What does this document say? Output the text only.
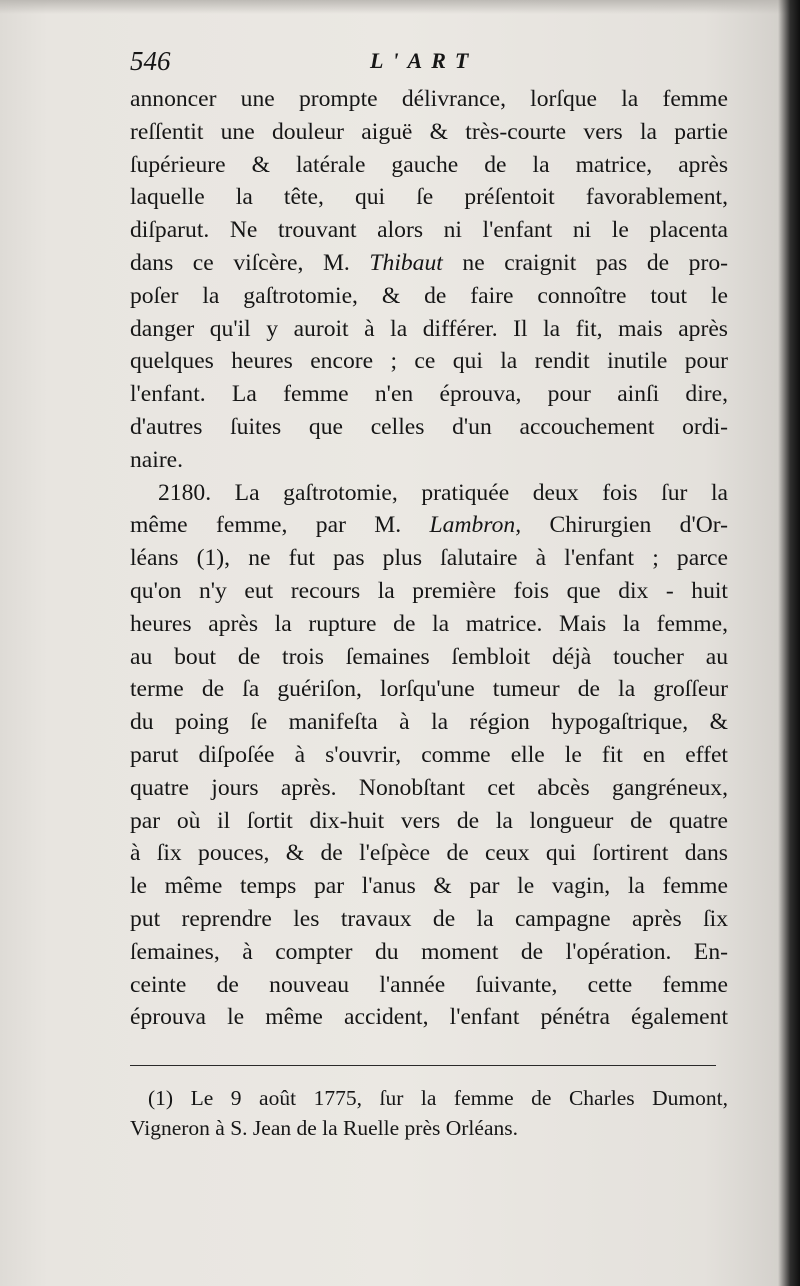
546	L'ART
annoncer une prompte délivrance, lorſque la femme
reſſentit une douleur aiguë & très-courte vers la partie
ſupérieure & latérale gauche de la matrice, après
laquelle la tête, qui ſe préſentoit favorablement,
diſparut. Ne trouvant alors ni l'enfant ni le placenta
dans ce viſcère, M. Thibaut ne craignit pas de pro-
poſer la gaſtrotomie, & de faire connoître tout le
danger qu'il y auroit à la différer. Il la fit, mais après
quelques heures encore ; ce qui la rendit inutile pour
l'enfant. La femme n'en éprouva, pour ainſi dire,
d'autres ſuites que celles d'un accouchement ordi-
naire.
2180. La gaſtrotomie, pratiquée deux fois ſur la
même femme, par M. Lambron, Chirurgien d'Or-
léans (1), ne fut pas plus ſalutaire à l'enfant ; parce
qu'on n'y eut recours la première fois que dix - huit
heures après la rupture de la matrice. Mais la femme,
au bout de trois ſemaines ſembloit déjà toucher au
terme de ſa guériſon, lorſqu'une tumeur de la groſſeur
du poing ſe manifeſta à la région hypogaſtrique, &
parut diſpoſée à s'ouvrir, comme elle le fit en effet
quatre jours après. Nonobſtant cet abcès gangréneux,
par où il ſortit dix-huit vers de la longueur de quatre
à ſix pouces, & de l'eſpèce de ceux qui ſortirent dans
le même temps par l'anus & par le vagin, la femme
put reprendre les travaux de la campagne après ſix
ſemaines, à compter du moment de l'opération. En-
ceinte de nouveau l'année ſuivante, cette femme
éprouva le même accident, l'enfant pénétra également
(1) Le 9 août 1775, ſur la femme de Charles Dumont,
Vigneron à S. Jean de la Ruelle près Orléans.
